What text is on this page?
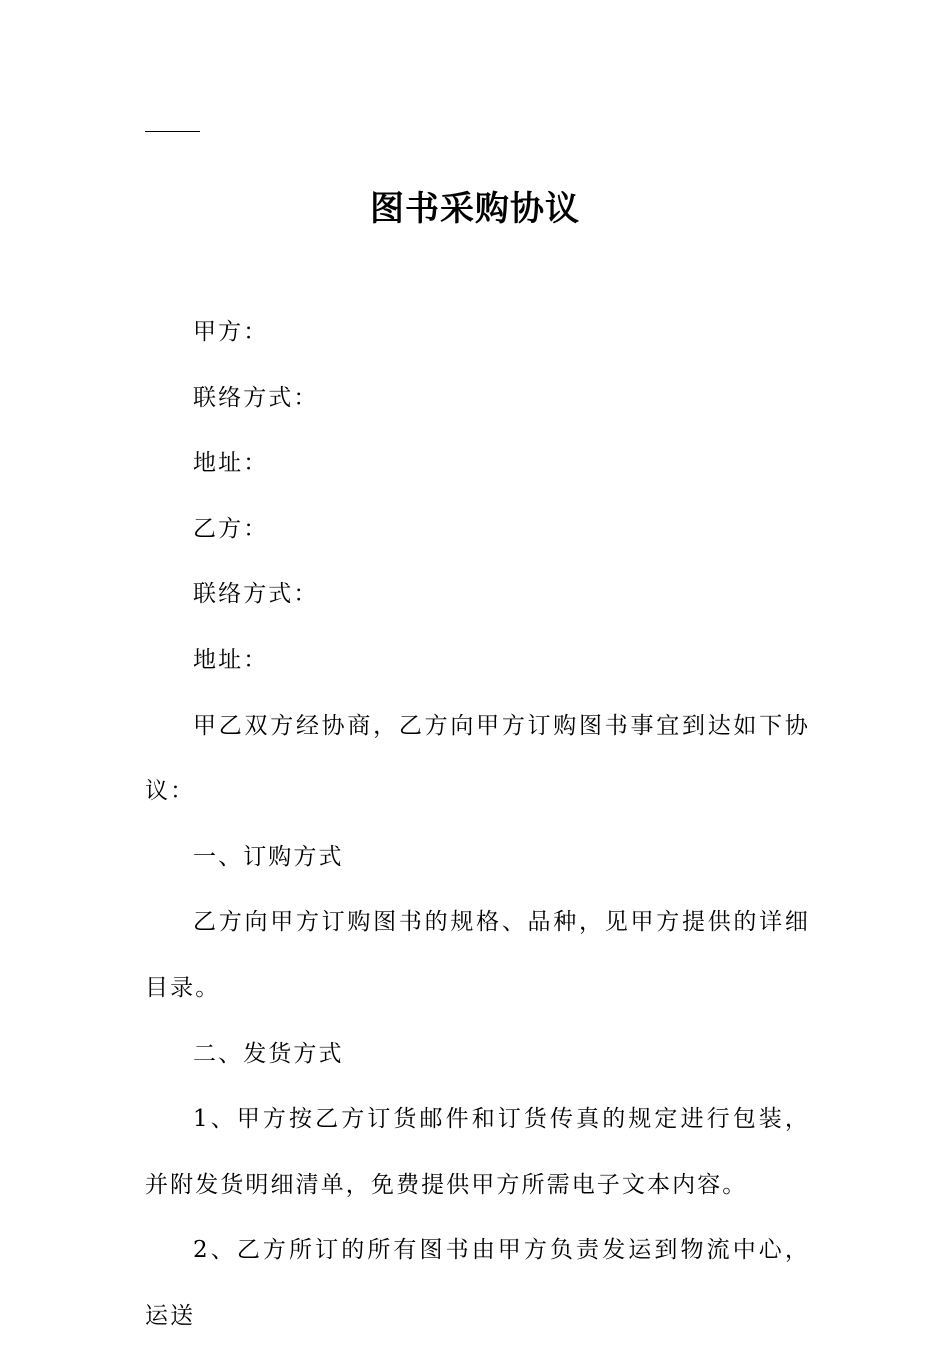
图书采购协议

甲方：

联络方式：

地址：

乙方：

联络方式：

地址：

甲乙双方经协商，乙方向甲方订购图书事宜到达如下协议：

一、订购方式

乙方向甲方订购图书的规格、品种，见甲方提供的详细目录。

二、发货方式

1、甲方按乙方订货邮件和订货传真的规定进行包装，并附发货明细清单，免费提供甲方所需电子文本内容。

2、乙方所订的所有图书由甲方负责发运到物流中心，运送
